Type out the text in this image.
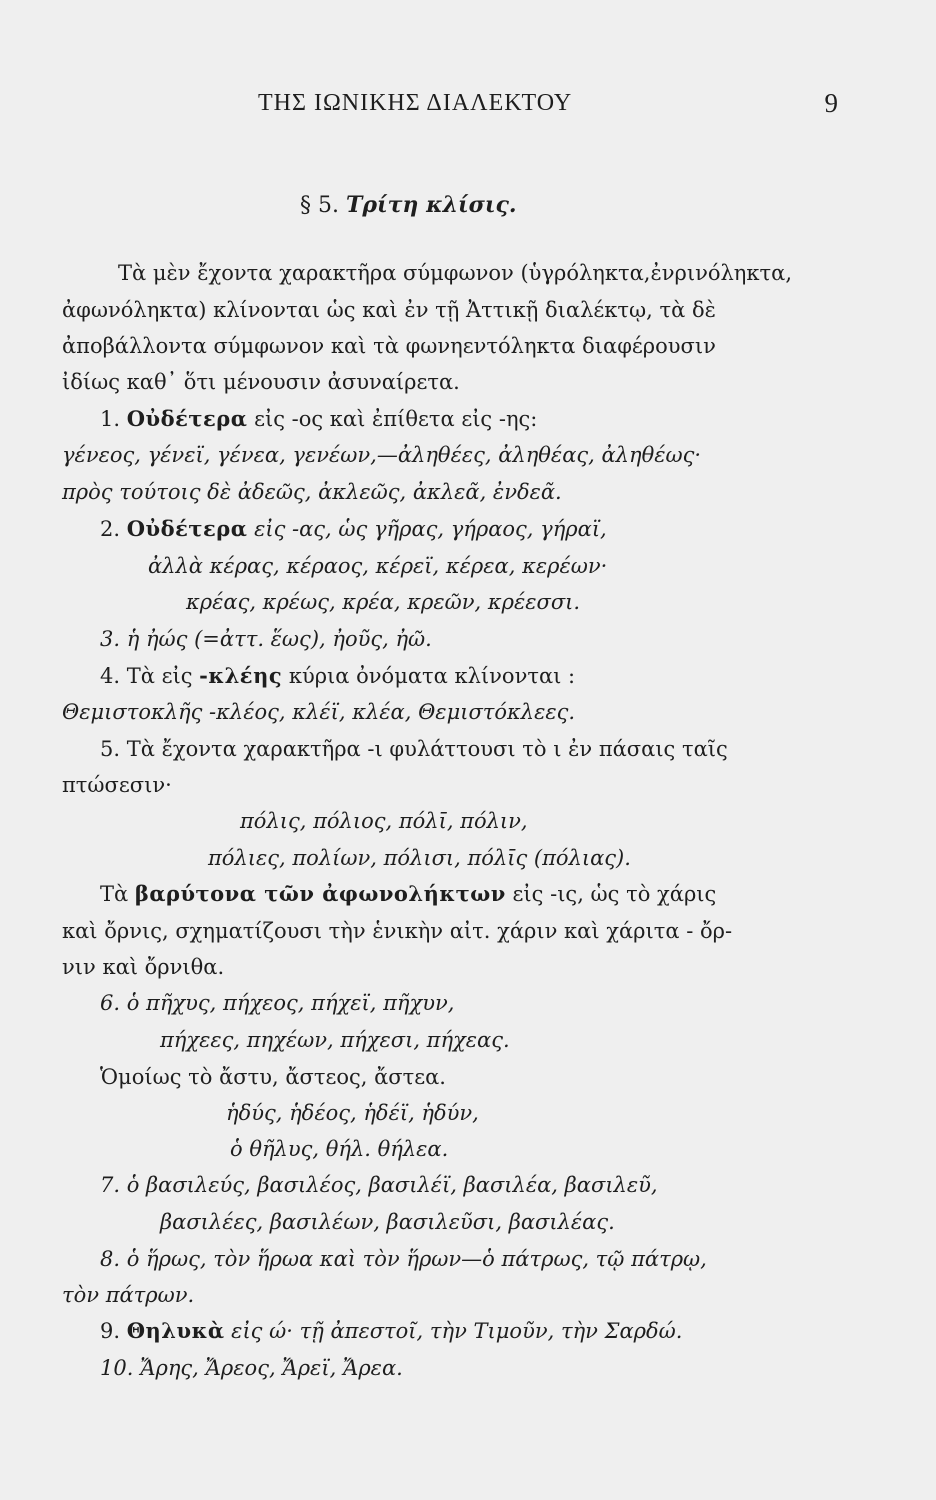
ΤΗΣ ΙΩΝΙΚΗΣ ΔΙΑΛΕΚΤΟΥ	9
§ 5. Τρίτη κλίσις.
Τὰ μὲν ἔχοντα χαρακτῆρα σύμφωνον (ὑγρόληκτα,ἐνρινόληκτα,
ἀφωνόληκτα) κλίνονται ὡς καὶ ἐν τῇ Ἀττικῇ διαλέκτῳ, τὰ δὲ
ἀποβάλλοντα σύμφωνον καὶ τὰ φωνηεντόληκτα διαφέρουσιν
ἰδίως καθ᾽ ὅτι μένουσιν ἀσυναίρετα.
1. Οὐδέτερα εἰς -ος καὶ ἐπίθετα εἰς -ης:
γένεος, γένεϊ, γένεα, γενέων,—ἀληθέες, ἀληθέας, ἀληθέως·
πρὸς τούτοις δὲ ἀδεῶς, ἀκλεῶς, ἀκλεᾶ, ἐνδεᾶ.
2. Οὐδέτερα εἰς -ας, ὡς γῆρας, γήραος, γήραϊ,
ἀλλὰ κέρας, κέραος, κέρεϊ, κέρεα, κερέων·
κρέας, κρέως, κρέα, κρεῶν, κρέεσσι.
3. ἡ ἠώς (=ἀττ. ἕως), ἠοῦς, ἠῶ.
4. Τὰ εἰς -κλέης κύρια ὀνόματα κλίνονται :
Θεμιστοκλῆς -κλέος, κλέϊ, κλέα, Θεμιστόκλεες.
5. Τὰ ἔχοντα χαρακτῆρα -ι φυλάττουσι τὸ ι ἐν πάσαις ταῖς
πτώσεσιν·
πόλις, πόλιος, πόλῑ, πόλιν,
πόλιες, πολίων, πόλισι, πόλῑς (πόλιας).
Τὰ βαρύτονα τῶν ἀφωνολήκτων εἰς -ις, ὡς τὸ χάρις
καὶ ὄρνις, σχηματίζουσι τὴν ἑνικὴν αἰτ. χάριν καὶ χάριτα - ὄρ-
νιν καὶ ὄρνιθα.
6. ὁ πῆχυς, πήχεος, πήχεϊ, πῆχυν,
πήχεες, πηχέων, πήχεσι, πήχεας.
Ὁμοίως τὸ ἄστυ, ἄστεος, ἄστεα.
ἡδύς, ἡδέος, ἡδέϊ, ἡδύν,
ὁ θῆλυς, θήλ. θήλεα.
7. ὁ βασιλεύς, βασιλέος, βασιλέϊ, βασιλέα, βασιλεῦ,
βασιλέες, βασιλέων, βασιλεῦσι, βασιλέας.
8. ὁ ἥρως, τὸν ἥρωα καὶ τὸν ἥρων—ὁ πάτρως, τῷ πάτρῳ,
τὸν πάτρων.
9. Θηλυκὰ εἰς ώ· τῇ ἀπεστοῖ, τὴν Τιμοῦν, τὴν Σαρδώ.
10. Ἄρης, Ἄρεος, Ἄρεϊ, Ἄρεα.
